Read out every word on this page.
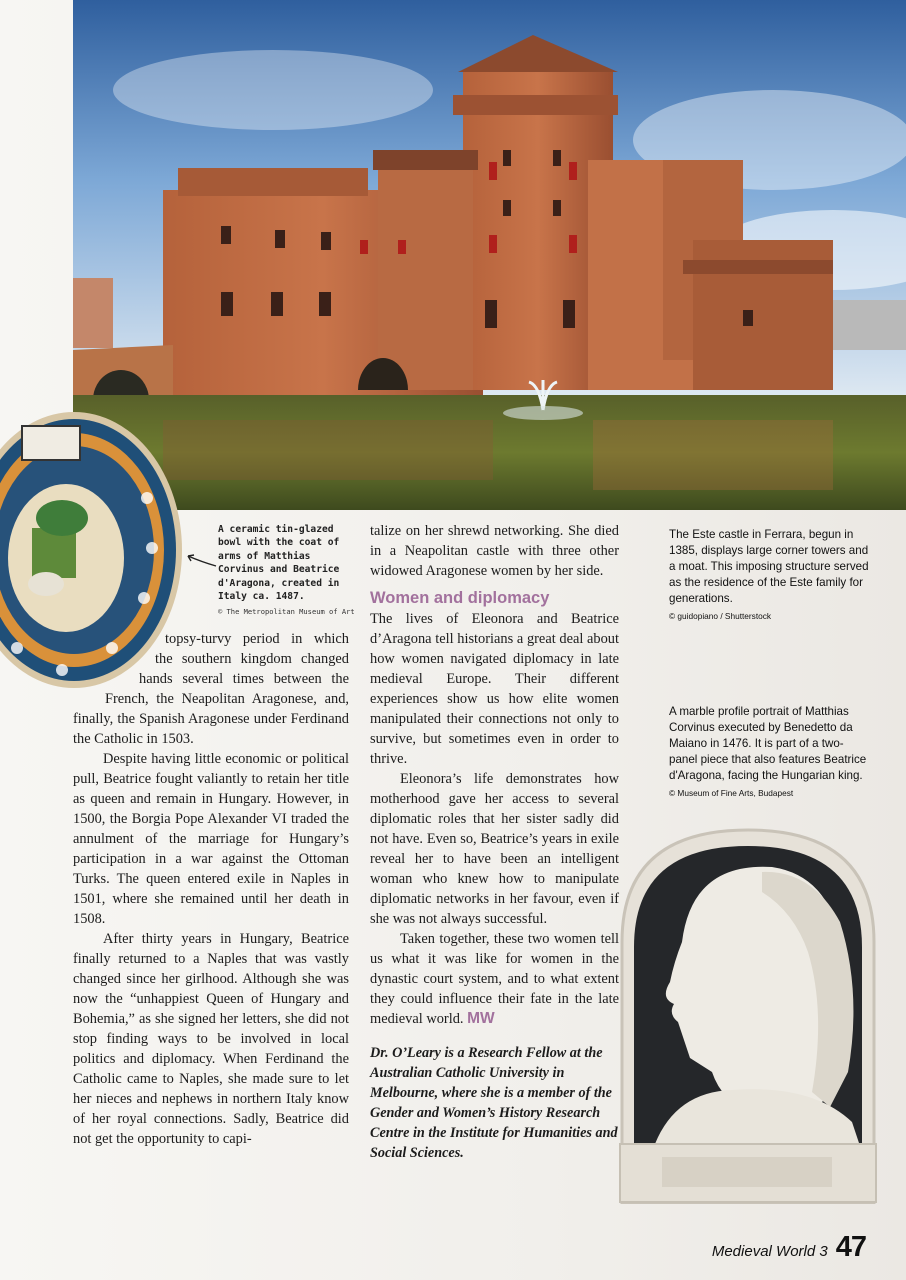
A ceramic tin-glazed bowl with the coat of arms of Matthias Corvinus and Beatrice d'Aragona, created in Italy ca. 1487.
© The Metropolitan Museum of Art

topsy-turvy period in which
the southern kingdom changed
hands several times between the
French, the Neapolitan Aragonese, and,
finally, the Spanish Aragonese under Ferdinand the Catholic in 1503.

Despite having little economic or political pull, Beatrice fought valiantly to retain her title as queen and remain in Hungary. However, in 1500, the Borgia Pope Alexander VI traded the annulment of the marriage for Hungary’s participation in a war against the Ottoman Turks. The queen entered exile in Naples in 1501, where she remained until her death in 1508.

After thirty years in Hungary, Beatrice finally returned to a Naples that was vastly changed since her girlhood. Although she was now the “unhappiest Queen of Hungary and Bohemia,” as she signed her letters, she did not stop finding ways to be involved in local politics and diplomacy. When Ferdinand the Catholic came to Naples, she made sure to let her nieces and nephews in northern Italy know of her royal connections. Sadly, Beatrice did not get the opportunity to capi-

talize on her shrewd networking. She died in a Neapolitan castle with three other widowed Aragonese women by her side.

Women and diplomacy

The lives of Eleonora and Beatrice d’Aragona tell historians a great deal about how women navigated diplomacy in late medieval Europe. Their different experiences show us how elite women manipulated their connections not only to survive, but sometimes even in order to thrive.

Eleonora’s life demonstrates how motherhood gave her access to several diplomatic roles that her sister sadly did not have. Even so, Beatrice’s years in exile reveal her to have been an intelligent woman who knew how to manipulate diplomatic networks in her favour, even if she was not always successful.

Taken together, these two women tell us what it was like for women in the dynastic court system, and to what extent they could influence their fate in the late medieval world. MW

Dr. O’Leary is a Research Fellow at the Australian Catholic University in Melbourne, where she is a member of the Gender and Women’s History Research Centre in the Institute for Humanities and Social Sciences.

The Este castle in Ferrara, begun in 1385, displays large corner towers and a moat. This imposing structure served as the residence of the Este family for generations.
© guidopiano / Shutterstock
A marble profile portrait of Matthias Corvinus executed by Benedetto da Maiano in 1476. It is part of a two-panel piece that also features Beatrice d'Aragona, facing the Hungarian king.
© Museum of Fine Arts, Budapest
Medieval World 3 47
